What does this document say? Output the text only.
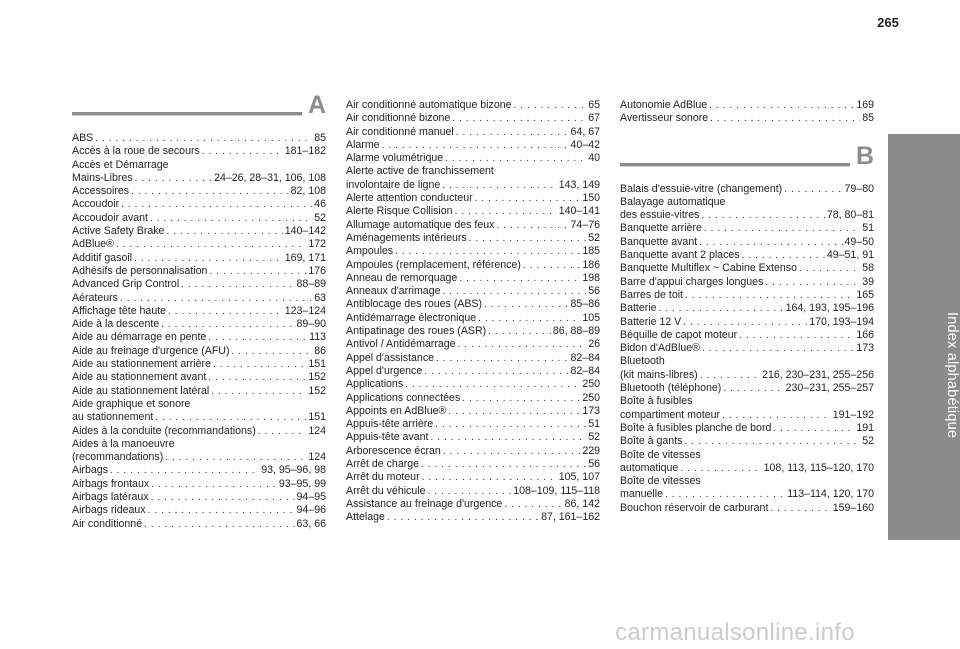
265
Index alphabétique
A
ABS . . .	85
Accès à la roue de secours . . .	181–182
Accès et Démarrage
Mains-Libres . . .	24–26, 28–31, 106, 108
Accessoires . . .	82, 108
Accoudoir . . .	46
Accoudoir avant . . .	52
Active Safety Brake . . .	140–142
AdBlue® . . .	172
Additif gasoil . . .	169, 171
Adhésifs de personnalisation . . .	176
Advanced Grip Control . . .	88–89
Aérateurs . . .	63
Affichage tête haute . . .	123–124
Aide à la descente . . .	89–90
Aide au démarrage en pente . . .	113
Aide au freinage d'urgence (AFU) . . .	86
Aide au stationnement arrière . . .	151
Aide au stationnement avant . . .	152
Aide au stationnement latéral . . .	152
Aide graphique et sonore
au stationnement . . .	151
Aides à la conduite (recommandations) . . .	124
Aides à la manoeuvre
(recommandations) . . .	124
Airbags . . .	93, 95–96, 98
Airbags frontaux . . .	93–95, 99
Airbags latéraux . . .	94–95
Airbags rideaux . . .	94–96
Air conditionné . . .	63, 66
Air conditionné automatique bizone . . .	65
Air conditionné bizone . . .	67
Air conditionné manuel . . .	64, 67
Alarme . . .	40–42
Alarme volumétrique . . .	40
Alerte active de franchissement
involontaire de ligne . . .	143, 149
Alerte attention conducteur . . .	150
Alerte Risque Collision . . .	140–141
Allumage automatique des feux . . .	74–76
Aménagements intérieurs . . .	52
Ampoules . . .	185
Ampoules (remplacement, référence) . . .	186
Anneau de remorquage . . .	198
Anneaux d'arrimage . . .	56
Antiblocage des roues (ABS) . . .	85–86
Antidémarrage électronique . . .	105
Antipatinage des roues (ASR) . . .	86, 88–89
Antivol / Antidémarrage . . .	26
Appel d'assistance . . .	82–84
Appel d'urgence . . .	82–84
Applications . . .	250
Applications connectées . . .	250
Appoints en AdBlue® . . .	173
Appuis-tête arrière . . .	51
Appuis-tête avant . . .	52
Arborescence écran . . .	229
Arrêt de charge . . .	56
Arrêt du moteur . . .	105, 107
Arrêt du véhicule . . .	108–109, 115–118
Assistance au freinage d'urgence . . .	86, 142
Attelage . . .	87, 161–162
Autonomie AdBlue . . .	169
Avertisseur sonore . . .	85
B
Balais d'essuie-vitre (changement) . . .	79–80
Balayage automatique
des essuie-vitres . . .	78, 80–81
Banquette arrière . . .	51
Banquette avant . . .	49–50
Banquette avant 2 places . . .	49–51, 91
Banquette Multiflex ~ Cabine Extenso . . .	58
Barre d'appui charges longues . . .	39
Barres de toit . . .	165
Batterie . . .	164, 193, 195–196
Batterie 12 V . . .	170, 193–194
Béquille de capot moteur . . .	166
Bidon d'AdBlue® . . .	173
Bluetooth
(kit mains-libres) . . .	216, 230–231, 255–256
Bluetooth (téléphone) . . .	230–231, 255–257
Boîte à fusibles
compartiment moteur . . .	191–192
Boîte à fusibles planche de bord . . .	191
Boîte à gants . . .	52
Boîte de vitesses
automatique . . .	108, 113, 115–120, 170
Boîte de vitesses
manuelle . . .	113–114, 120, 170
Bouchon réservoir de carburant . . .	159–160
carmanualsonline.info
